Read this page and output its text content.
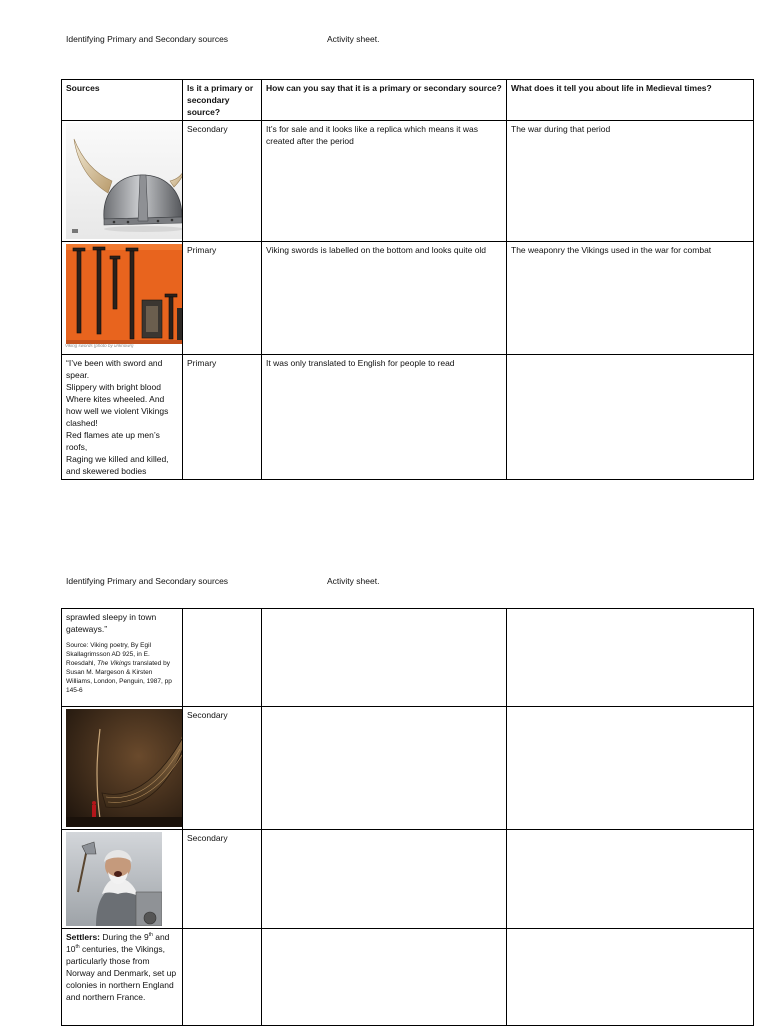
Identifying Primary and Secondary sources	Activity sheet.
Sources	Is it a primary or secondary source?	How can you say that it is a primary or secondary source?	What does it tell you about life in Medieval times?

	Secondary	It’s for sale and it looks like a replica which means it was created after the period	The war during that period

Viking swords (photo by unknown)	Primary	Viking swords is labelled on the bottom and looks quite old	The weaponry the Vikings used in the war for combat
“I’ve been with sword and spear.
Slippery with bright blood
Where kites wheeled. And how well we violent Vikings clashed!
Red flames ate up men’s roofs,
Raging we killed and killed, and skewered bodies	Primary	It was only translated to English for people to read	
Identifying Primary and Secondary sources	Activity sheet.
sprawled sleepy in town gateways.”
Source: Viking poetry, By Egil Skallagrimsson AD 925, in E. Roesdahl, The Vikings translated by Susan M. Margeson & Kirsten Williams, London, Penguin, 1987, pp 145-6			

	Secondary		

	Secondary		
Settlers: During the 9th and 10th centuries, the Vikings, particularly those from Norway and Denmark, set up colonies in northern England and northern France.			
